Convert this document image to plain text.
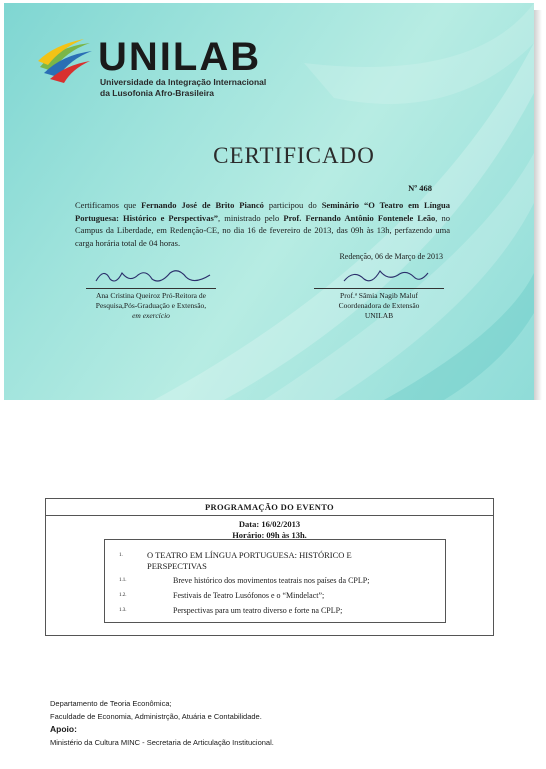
UNILAB
Universidade da Integração Internacional
da Lusofonia Afro-Brasileira
CERTIFICADO
Nº 468
Certificamos que Fernando José de Brito Piancó participou do Seminário “O Teatro em Língua Portuguesa: Histórico e Perspectivas”, ministrado pelo Prof. Fernando Antônio Fontenele Leão, no Campus da Liberdade, em Redenção-CE, no dia 16 de fevereiro de 2013, das 09h às 13h, perfazendo uma carga horária total de 04 horas.
Redenção, 06 de Março de 2013
Ana Cristina Queiroz Pró-Reitora de
Pesquisa,Pós-Graduação e Extensão,
em exercício
Prof.ª Sâmia Nagib Maluf
Coordenadora de Extensão
UNILAB
PROGRAMAÇÃO DO EVENTO
Data: 16/02/2013
Horário: 09h às 13h.
1.	O TEATRO EM LÍNGUA PORTUGUESA: HISTÓRICO E PERSPECTIVAS
1.1.	Breve histórico dos movimentos teatrais nos países da CPLP;
1.2.	Festivais de Teatro Lusófonos e o “Mindelact”;
1.3.	Perspectivas para um teatro diverso e forte na CPLP;
Departamento de Teoria Econômica;
Faculdade de Economia, Administrção, Atuária e Contabilidade.
Apoio:
Ministério da Cultura MINC - Secretaria de Articulação Institucional.
